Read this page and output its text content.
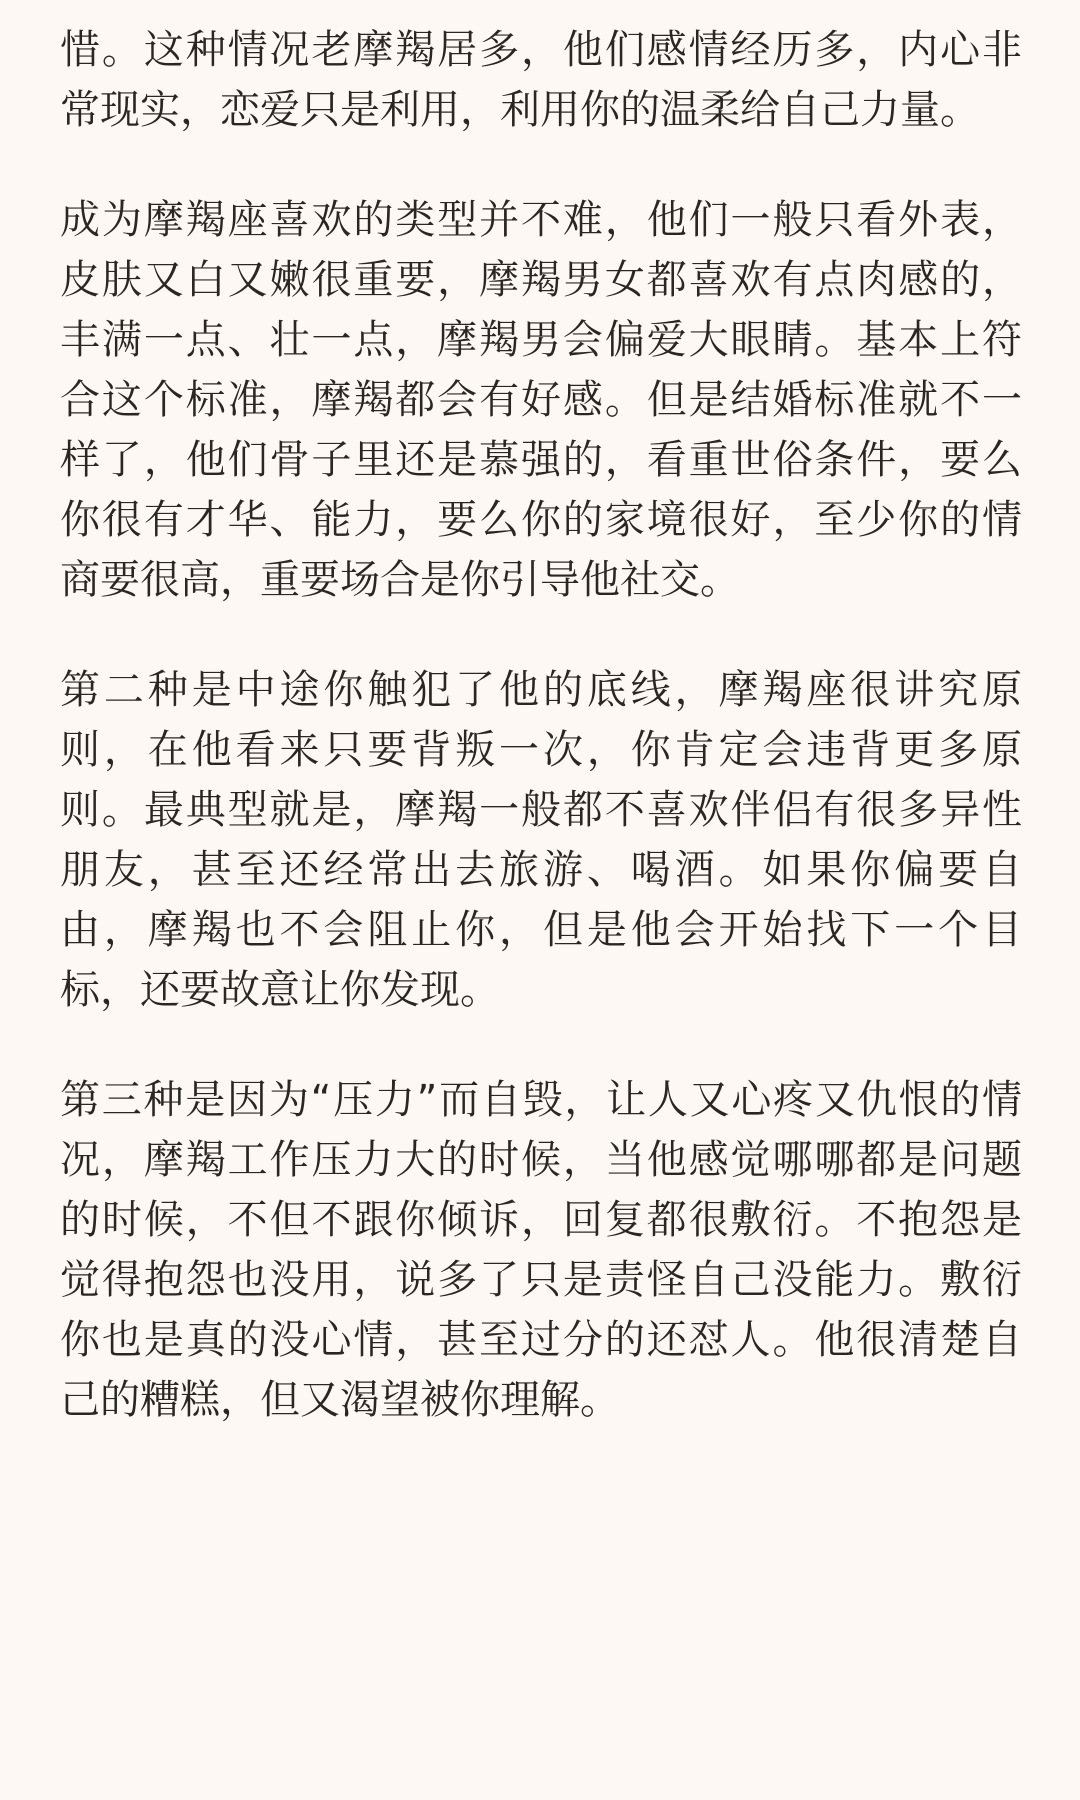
惜。这种情况老摩羯居多，他们感情经历多，内心非
常现实，恋爱只是利用，利用你的温柔给自己力量。

成为摩羯座喜欢的类型并不难，他们一般只看外表，
皮肤又白又嫩很重要，摩羯男女都喜欢有点肉感的，
丰满一点、壮一点，摩羯男会偏爱大眼睛。基本上符
合这个标准，摩羯都会有好感。但是结婚标准就不一
样了，他们骨子里还是慕强的，看重世俗条件，要么
你很有才华、能力，要么你的家境很好，至少你的情
商要很高，重要场合是你引导他社交。

第二种是中途你触犯了他的底线，摩羯座很讲究原
则，在他看来只要背叛一次，你肯定会违背更多原
则。最典型就是，摩羯一般都不喜欢伴侣有很多异性
朋友，甚至还经常出去旅游、喝酒。如果你偏要自
由，摩羯也不会阻止你，但是他会开始找下一个目
标，还要故意让你发现。

第三种是因为“压力”而自毁，让人又心疼又仇恨的情
况，摩羯工作压力大的时候，当他感觉哪哪都是问题
的时候，不但不跟你倾诉，回复都很敷衍。不抱怨是
觉得抱怨也没用，说多了只是责怪自己没能力。敷衍
你也是真的没心情，甚至过分的还怼人。他很清楚自
己的糟糕，但又渴望被你理解。
